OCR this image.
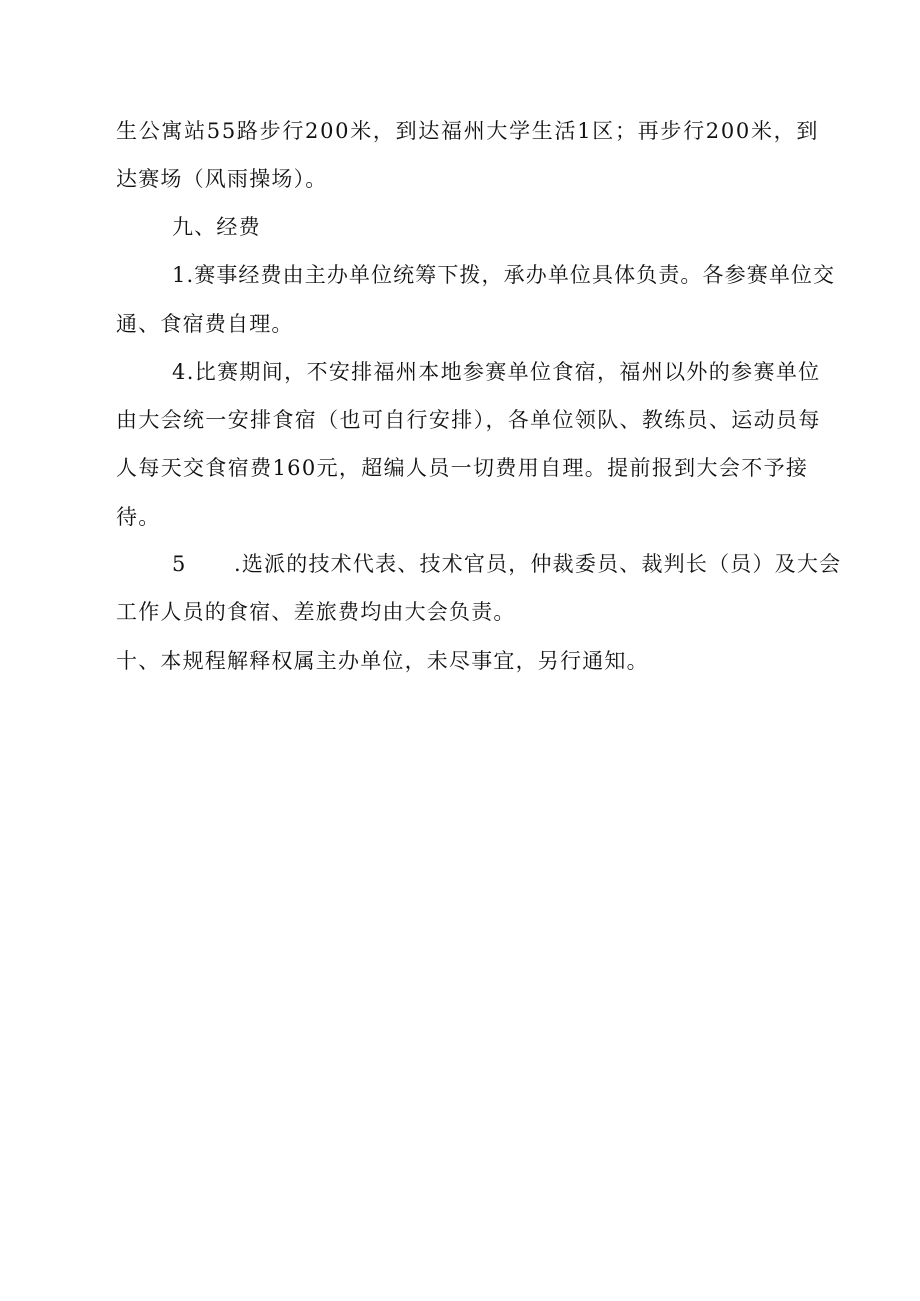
生公寓站55路步行200米，到达福州大学生活1区；再步行200米，到
达赛场（风雨操场）。
九、经费
1.赛事经费由主办单位统筹下拨，承办单位具体负责。各参赛单位交
通、食宿费自理。
4.比赛期间，不安排福州本地参赛单位食宿，福州以外的参赛单位
由大会统一安排食宿（也可自行安排），各单位领队、教练员、运动员每
人每天交食宿费160元，超编人员一切费用自理。提前报到大会不予接
待。
5 .选派的技术代表、技术官员，仲裁委员、裁判长（员）及大会
工作人员的食宿、差旅费均由大会负责。
十、本规程解释权属主办单位，未尽事宜，另行通知。
